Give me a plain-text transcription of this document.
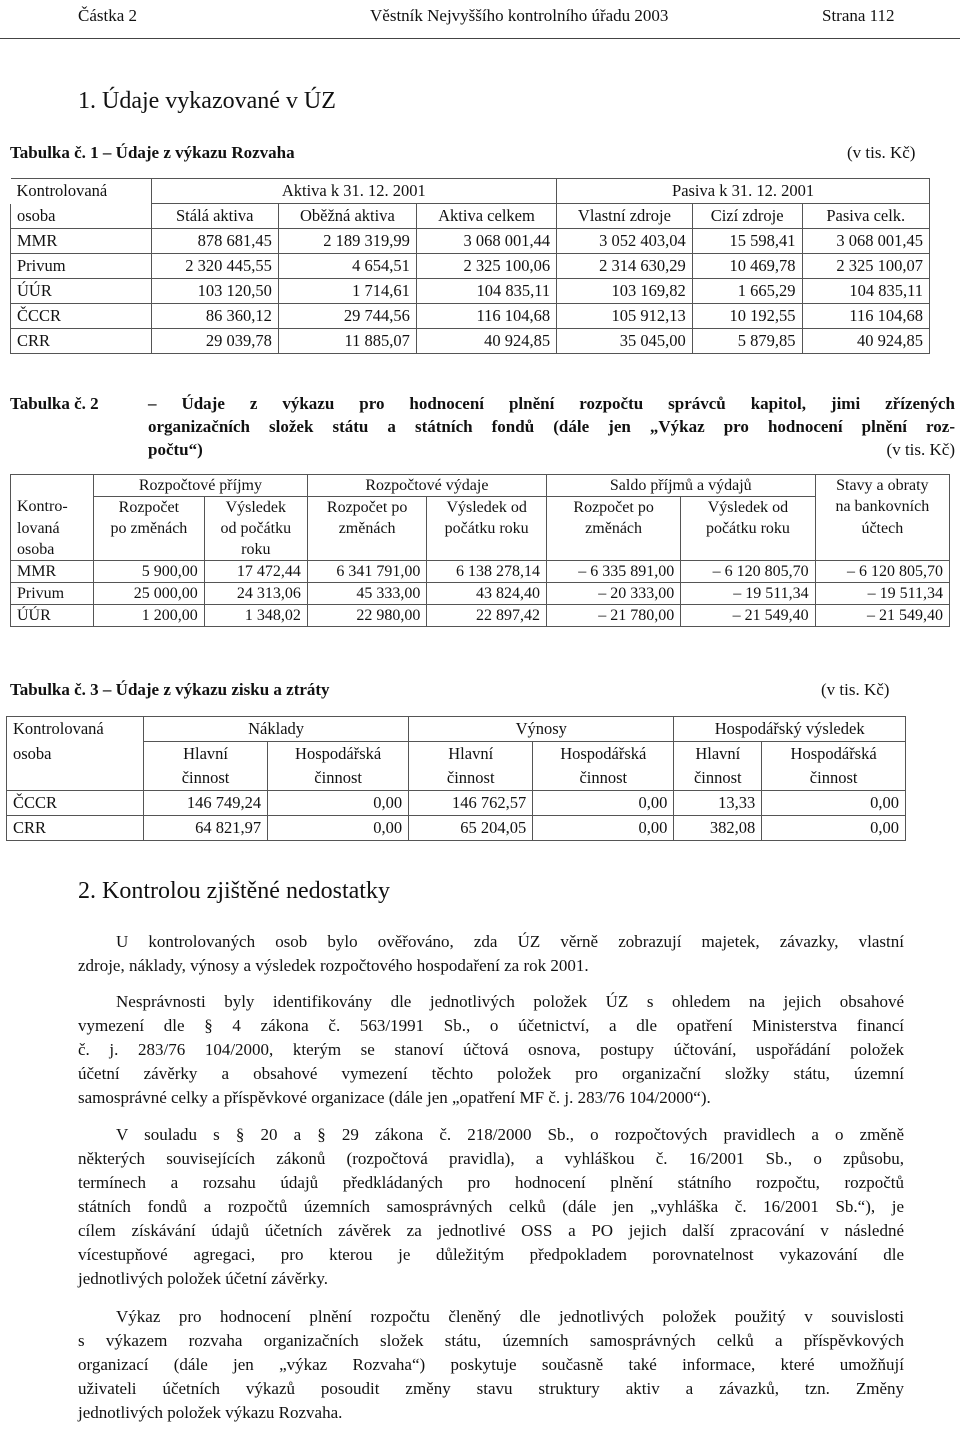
Částka 2	Věstník Nejvyššího kontrolního úřadu 2003	Strana 112
1. Údaje vykazované v ÚZ
Tabulka č. 1 – Údaje z výkazu Rozvaha	(v tis. Kč)
Kontrolovaná	Aktiva k 31. 12. 2001			Pasiva k 31. 12. 2001		
osoba	Stálá aktiva	Oběžná aktiva	Aktiva celkem	Vlastní zdroje	Cizí zdroje	Pasiva celk.
MMR	878 681,45	2 189 319,99	3 068 001,44	3 052 403,04	15 598,41	3 068 001,45
Privum	2 320 445,55	4 654,51	2 325 100,06	2 314 630,29	10 469,78	2 325 100,07
ÚÚR	103 120,50	1 714,61	104 835,11	103 169,82	1 665,29	104 835,11
ČCCR	86 360,12	29 744,56	116 104,68	105 912,13	10 192,55	116 104,68
CRR	29 039,78	11 885,07	40 924,85	35 045,00	5 879,85	40 924,85
Tabulka č. 2	– Údaje z výkazu pro hodnocení plnění rozpočtu správců kapitol, jimi zřízených
organizačních složek státu a státních fondů (dále jen „Výkaz pro hodnocení plnění roz-
počtu“)	(v tis. Kč)
	Rozpočtové příjmy		Rozpočtové výdaje		Saldo příjmů a výdajů		Stavy a obraty
Kontro-	Rozpočet	Výsledek	Rozpočet po	Výsledek od	Rozpočet po	Výsledek od	na bankovních
lovaná	po změnách	od počátku	změnách	počátku roku	změnách	počátku roku	účtech
osoba		roku					
MMR	5 900,00	17 472,44	6 341 791,00	6 138 278,14	– 6 335 891,00	– 6 120 805,70	– 6 120 805,70
Privum	25 000,00	24 313,06	45 333,00	43 824,40	– 20 333,00	– 19 511,34	– 19 511,34
ÚÚR	1 200,00	1 348,02	22 980,00	22 897,42	– 21 780,00	– 21 549,40	– 21 549,40
Tabulka č. 3 – Údaje z výkazu zisku a ztráty	(v tis. Kč)
Kontrolovaná	Náklady		Výnosy		Hospodářský výsledek	
osoba	Hlavní	Hospodářská	Hlavní	Hospodářská	Hlavní	Hospodářská
	činnost	činnost	činnost	činnost	činnost	činnost
ČCCR	146 749,24	0,00	146 762,57	0,00	13,33	0,00
CRR	64 821,97	0,00	65 204,05	0,00	382,08	0,00
2. Kontrolou zjištěné nedostatky
U kontrolovaných osob bylo ověřováno, zda ÚZ věrně zobrazují majetek, závazky, vlastní
zdroje, náklady, výnosy a výsledek rozpočtového hospodaření za rok 2001.
Nesprávnosti byly identifikovány dle jednotlivých položek ÚZ s ohledem na jejich obsahové
vymezení dle § 4 zákona č. 563/1991 Sb., o účetnictví, a dle opatření Ministerstva financí
č. j. 283/76 104/2000, kterým se stanoví účtová osnova, postupy účtování, uspořádání položek
účetní závěrky a obsahové vymezení těchto položek pro organizační složky státu, územní
samosprávné celky a příspěvkové organizace (dále jen „opatření MF č. j. 283/76 104/2000“).
V souladu s § 20 a § 29 zákona č. 218/2000 Sb., o rozpočtových pravidlech a o změně
některých souvisejících zákonů (rozpočtová pravidla), a vyhláškou č. 16/2001 Sb., o způsobu,
termínech a rozsahu údajů předkládaných pro hodnocení plnění státního rozpočtu, rozpočtů
státních fondů a rozpočtů územních samosprávných celků (dále jen „vyhláška č. 16/2001 Sb.“), je
cílem získávání údajů účetních závěrek za jednotlivé OSS a PO jejich další zpracování v následné
vícestupňové agregaci, pro kterou je důležitým předpokladem porovnatelnost vykazování dle
jednotlivých položek účetní závěrky.
Výkaz pro hodnocení plnění rozpočtu členěný dle jednotlivých položek použitý v souvislosti
s výkazem rozvaha organizačních složek státu, územních samosprávných celků a příspěvkových
organizací (dále jen „výkaz Rozvaha“) poskytuje současně také informace, které umožňují
uživateli účetních výkazů posoudit změny stavu struktury aktiv a závazků, tzn. Změny
jednotlivých položek výkazu Rozvaha.
